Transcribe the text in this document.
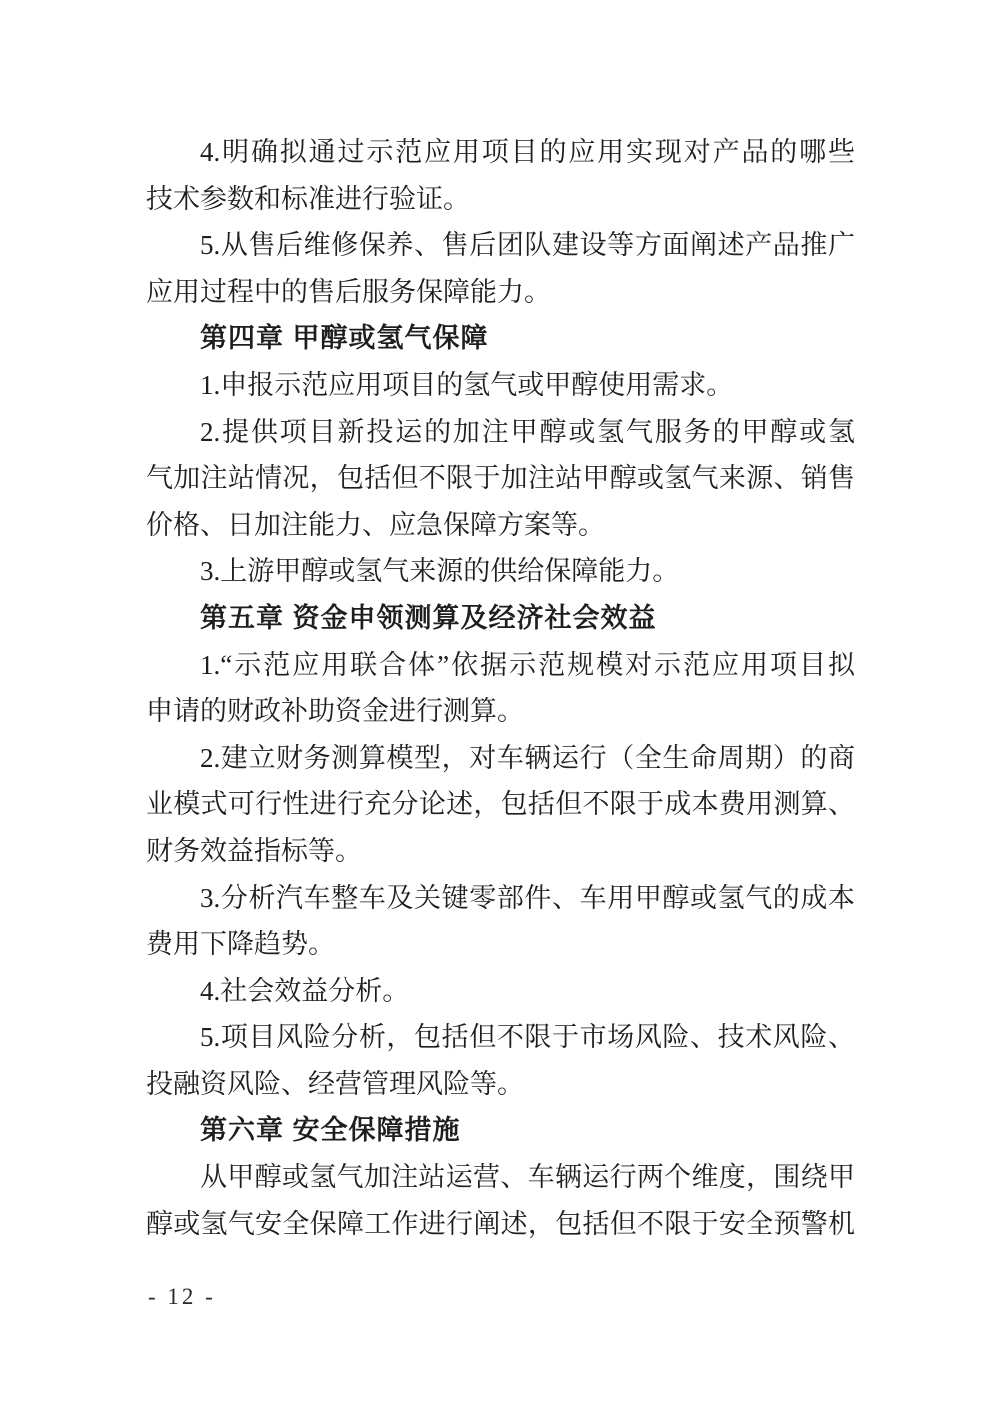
4.明确拟通过示范应用项目的应用实现对产品的哪些
技术参数和标准进行验证。
5.从售后维修保养、售后团队建设等方面阐述产品推广
应用过程中的售后服务保障能力。
第四章 甲醇或氢气保障
1.申报示范应用项目的氢气或甲醇使用需求。
2.提供项目新投运的加注甲醇或氢气服务的甲醇或氢
气加注站情况，包括但不限于加注站甲醇或氢气来源、销售
价格、日加注能力、应急保障方案等。
3.上游甲醇或氢气来源的供给保障能力。
第五章 资金申领测算及经济社会效益
1.“示范应用联合体”依据示范规模对示范应用项目拟
申请的财政补助资金进行测算。
2.建立财务测算模型，对车辆运行（全生命周期）的商
业模式可行性进行充分论述，包括但不限于成本费用测算、
财务效益指标等。
3.分析汽车整车及关键零部件、车用甲醇或氢气的成本
费用下降趋势。
4.社会效益分析。
5.项目风险分析，包括但不限于市场风险、技术风险、
投融资风险、经营管理风险等。
第六章 安全保障措施
从甲醇或氢气加注站运营、车辆运行两个维度，围绕甲
醇或氢气安全保障工作进行阐述，包括但不限于安全预警机
- 12 -
